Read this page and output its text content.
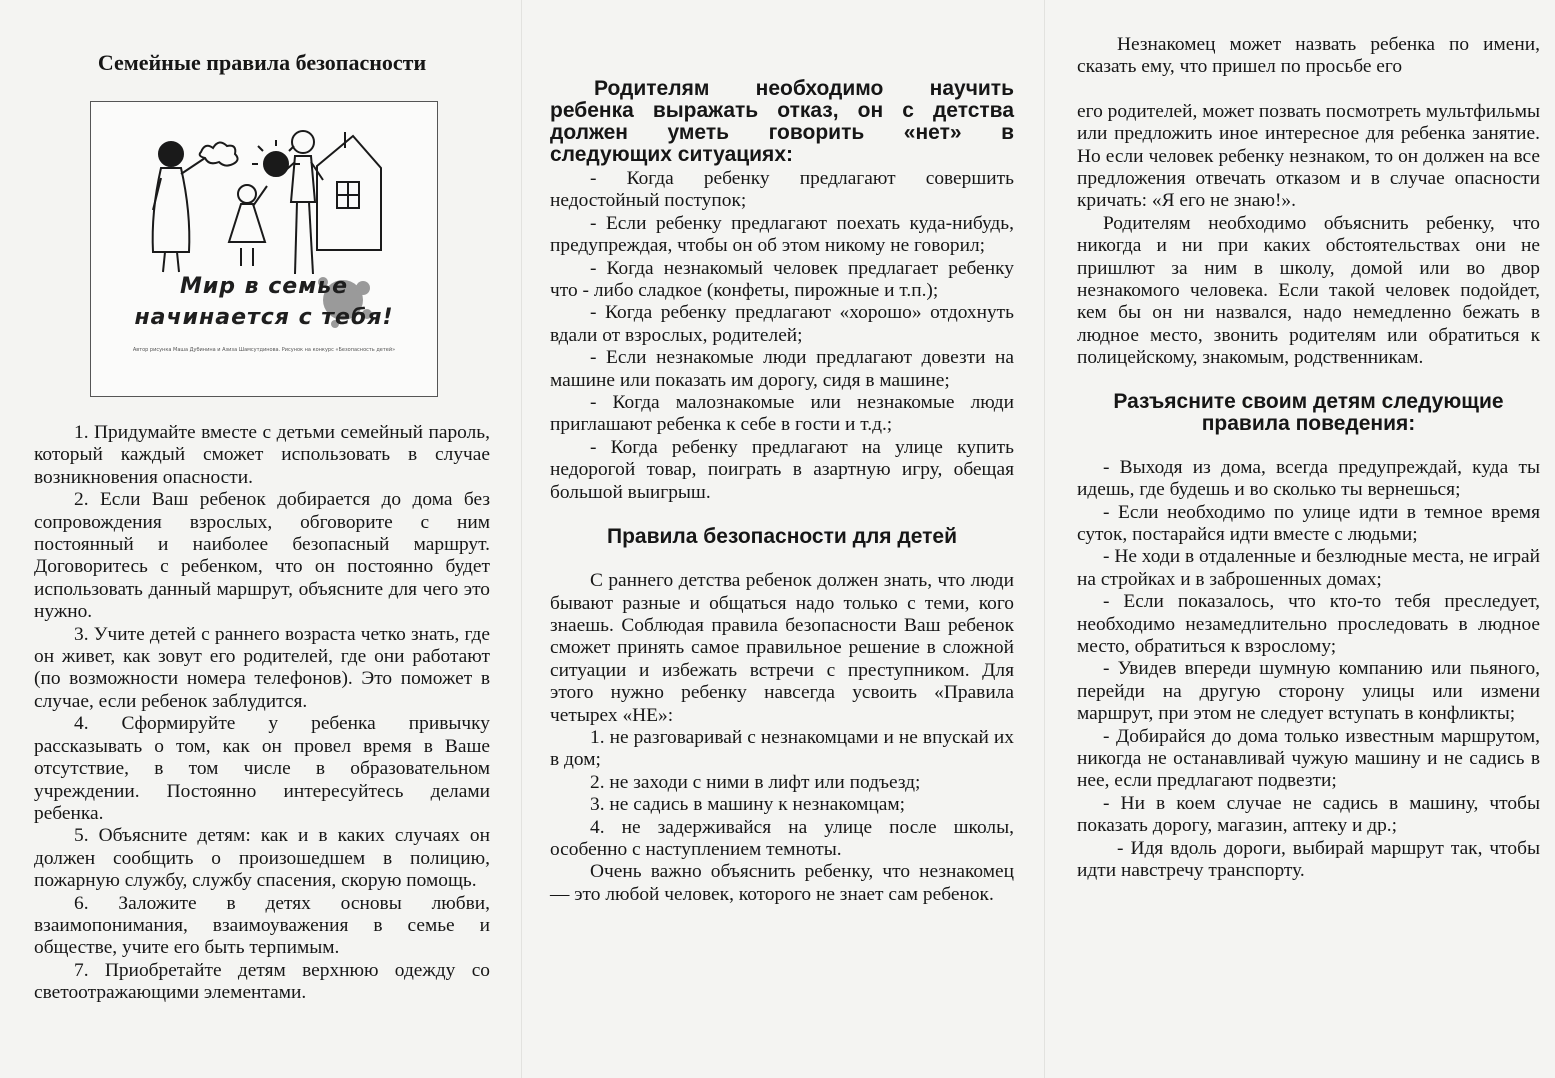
Семейные правила безопасности
Мир в семье
начинается с тебя!
Автор рисунка Маша Дубинина и Азиза Шамсутдинова. Рисунок на конкурс «Безопасность детей»

1. Придумайте вместе с детьми семейный пароль, который каждый сможет использовать в случае возникновения опасности.

2. Если Ваш ребенок добирается до дома без сопровождения взрослых, обговорите с ним постоянный и наиболее безопасный маршрут. Договоритесь с ребенком, что он постоянно будет использовать данный маршрут, объясните для чего это нужно.

3. Учите детей с раннего возраста четко знать, где он живет, как зовут его родителей, где они работают (по возможности номера телефонов). Это поможет в случае, если ребенок заблудится.

4. Сформируйте у ребенка привычку рассказывать о том, как он провел время в Ваше отсутствие, в том числе в образовательном учреждении. Постоянно интересуйтесь делами ребенка.

5. Объясните детям: как и в каких случаях он должен сообщить о произошедшем в полицию, пожарную службу, службу спасения, скорую помощь.

6. Заложите в детях основы любви, взаимопонимания, взаимоуважения в семье и обществе, учите его быть терпимым.

7. Приобретайте детям верхнюю одежду со светоотражающими элементами.

Родителям необходимо научить
ребенка выражать отказ, он с детства
должен уметь говорить «нет» в
следующих ситуациях:

- Когда ребенку предлагают совершить недостойный поступок;

- Если ребенку предлагают поехать куда-нибудь, предупреждая, чтобы он об этом никому не говорил;

- Когда незнакомый человек предлагает ребенку что - либо сладкое (конфеты, пирожные и т.п.);

- Когда ребенку предлагают «хорошо» отдохнуть вдали от взрослых, родителей;

- Если незнакомые люди предлагают довезти на машине или показать им дорогу, сидя в машине;

- Когда малознакомые или незнакомые люди приглашают ребенка к себе в гости и т.д.;

- Когда ребенку предлагают на улице купить недорогой товар, поиграть в азартную игру, обещая большой выигрыш.

Правила безопасности для детей

С раннего детства ребенок должен знать, что люди бывают разные и общаться надо только с теми, кого знаешь. Соблюдая правила безопасности Ваш ребенок сможет принять самое правильное решение в сложной ситуации и избежать встречи с преступником. Для этого нужно ребенку навсегда усвоить «Правила четырех «НЕ»:

1. не разговаривай с незнакомцами и не впускай их в дом;

2. не заходи с ними в лифт или подъезд;

3. не садись в машину к незнакомцам;

4. не задерживайся на улице после школы, особенно с наступлением темноты.

Очень важно объяснить ребенку, что незнакомец — это любой человек, которого не знает сам ребенок.

Незнакомец может назвать ребенка по имени, сказать ему, что пришел по просьбе его

его родителей, может позвать посмотреть мультфильмы или предложить иное интересное для ребенка занятие. Но если человек ребенку незнаком, то он должен на все предложения отвечать отказом и в случае опасности кричать: «Я его не знаю!».

Родителям необходимо объяснить ребенку, что никогда и ни при каких обстоятельствах они не пришлют за ним в школу, домой или во двор незнакомого человека. Если такой человек подойдет, кем бы он ни назвался, надо немедленно бежать в людное место, звонить родителям или обратиться к полицейскому, знакомым, родственникам.

Разъясните своим детям следующие
правила поведения:

- Выходя из дома, всегда предупреждай, куда ты идешь, где будешь и во сколько ты вернешься;

- Если необходимо по улице идти в темное время суток, постарайся идти вместе с людьми;

- Не ходи в отдаленные и безлюдные места, не играй на стройках и в заброшенных домах;

- Если показалось, что кто-то тебя преследует, необходимо незамедлительно проследовать в людное место, обратиться к взрослому;

- Увидев впереди шумную компанию или пьяного, перейди на другую сторону улицы или измени маршрут, при этом не следует вступать в конфликты;

- Добирайся до дома только известным маршрутом, никогда не останавливай чужую машину и не садись в нее, если предлагают подвезти;

- Ни в коем случае не садись в машину, чтобы показать дорогу, магазин, аптеку и др.;

- Идя вдоль дороги, выбирай маршрут так, чтобы идти навстречу транспорту.
